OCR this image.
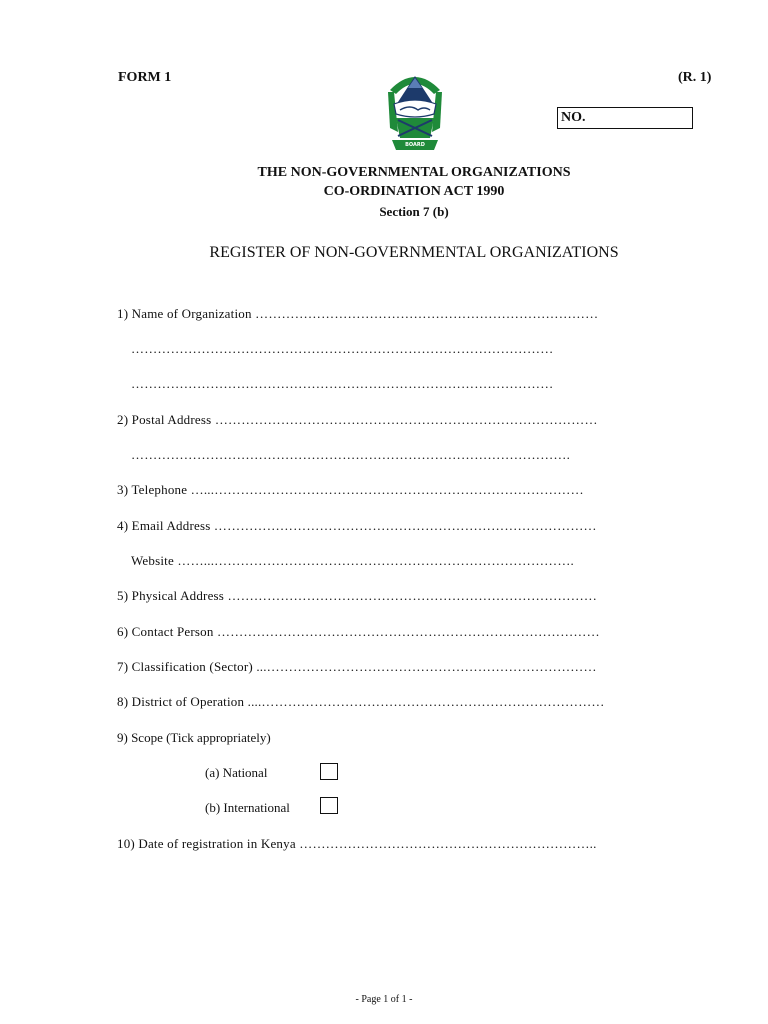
FORM 1	(R. 1)
NGO
BOARD
NO.
THE NON-GOVERNMENTAL ORGANIZATIONS
CO-ORDINATION ACT 1990
Section 7 (b)
REGISTER OF NON-GOVERNMENTAL ORGANIZATIONS
1) Name of Organization ……………………………………………………………………
……………………………………………………………………………………
……………………………………………………………………………………
2) Postal Address ……………………………………………………………………………
……………………………………………………………………………………….
3) Telephone …...…………………………………………………………………………
4) Email Address ……………………………………………………………………………
Website ……...……………………………………………………………………….
5) Physical Address …………………………………………………………………………
6) Contact Person ……………………………………………………………………………
7) Classification (Sector) ...…………………………………………………………………
8) District of Operation ....……………………………………………………………………
9) Scope (Tick appropriately)
(a) National
(b) International
10) Date of registration in Kenya …………………………………………………………..
- Page 1 of 1 -
